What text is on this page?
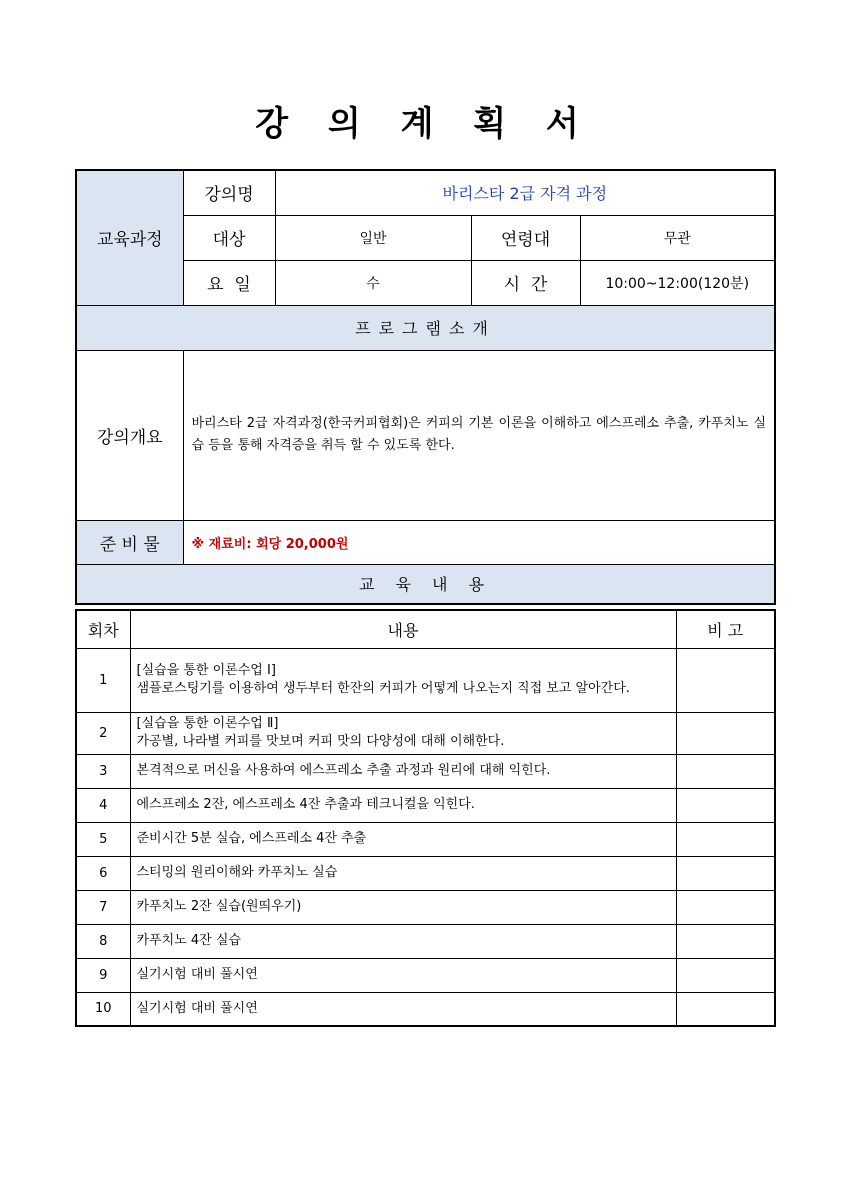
강 의 계 획 서
교육과정	강의명	바리스타 2급 자격 과정		
	대상	일반	연령대	무관
	요  일	수	시  간	10:00~12:00(120분)
프로그램소개				
강의개요	바리스타 2급 자격과정(한국커피협회)은 커피의 기본 이론을 이해하고 에스프레소 추출, 카푸치노 실습 등을 통해 자격증을 취득 할 수 있도록 한다.			
준 비 물	※ 재료비: 회당 20,000원			
교 육 내 용				
회차	내용	비 고
1	[실습을 통한 이론수업 Ⅰ]
샘플로스팅기를 이용하여 생두부터 한잔의 커피가 어떻게 나오는지 직접 보고 알아간다.	
2	[실습을 통한 이론수업 Ⅱ]
가공별, 나라별 커피를 맛보며 커피 맛의 다양성에 대해 이해한다.	
3	본격적으로 머신을 사용하여 에스프레소 추출 과정과 원리에 대해 익힌다.	
4	에스프레소 2잔, 에스프레소 4잔 추출과 테크니컬을 익힌다.	
5	준비시간 5분 실습, 에스프레소 4잔 추출	
6	스티밍의 원리이해와 카푸치노 실습	
7	카푸치노 2잔 실습(원띄우기)	
8	카푸치노 4잔 실습	
9	실기시험 대비 풀시연	
10	실기시험 대비 풀시연	
